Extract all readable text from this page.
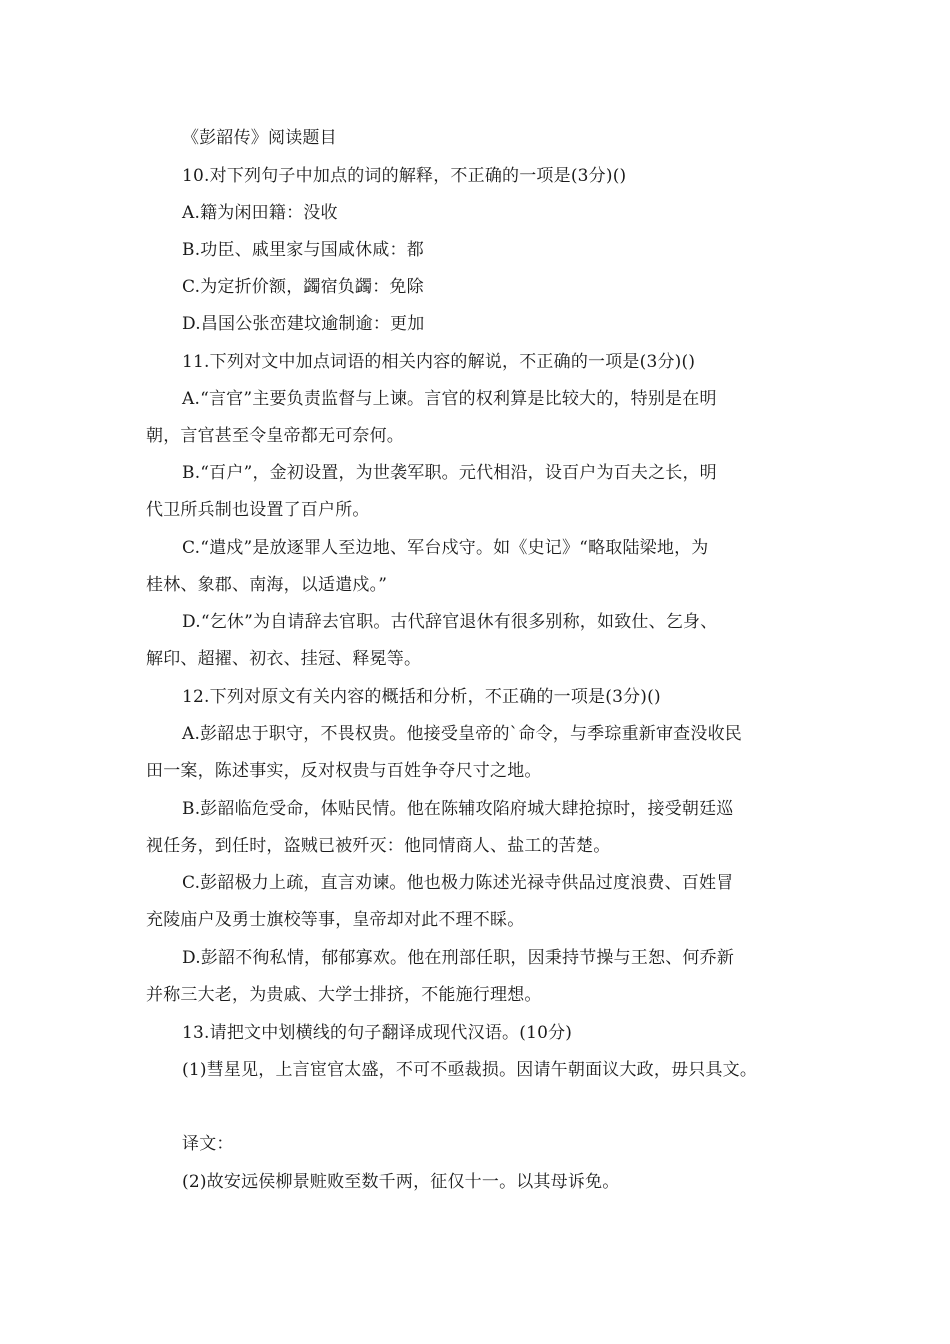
《彭韶传》阅读题目
10.对下列句子中加点的词的解释，不正确的一项是(3分)()
A.籍为闲田籍：没收
B.功臣、戚里家与国咸休咸：都
C.为定折价额，蠲宿负蠲：免除
D.昌国公张峦建坟逾制逾：更加
11.下列对文中加点词语的相关内容的解说，不正确的一项是(3分)()
A.“言官”主要负责监督与上谏。言官的权利算是比较大的，特别是在明
朝，言官甚至令皇帝都无可奈何。
B.“百户”，金初设置，为世袭军职。元代相沿，设百户为百夫之长，明
代卫所兵制也设置了百户所。
C.“遣戍”是放逐罪人至边地、军台戍守。如《史记》“略取陆梁地，为
桂林、象郡、南海，以适遣戍。”
D.“乞休”为自请辞去官职。古代辞官退休有很多别称，如致仕、乞身、
解印、超擢、初衣、挂冠、释冕等。
12.下列对原文有关内容的概括和分析，不正确的一项是(3分)()
A.彭韶忠于职守，不畏权贵。他接受皇帝的`命令，与季琮重新审查没收民
田一案，陈述事实，反对权贵与百姓争夺尺寸之地。
B.彭韶临危受命，体贴民情。他在陈辅攻陷府城大肆抢掠时，接受朝廷巡
视任务，到任时，盗贼已被歼灭：他同情商人、盐工的苦楚。
C.彭韶极力上疏，直言劝谏。他也极力陈述光禄寺供品过度浪费、百姓冒
充陵庙户及勇士旗校等事，皇帝却对此不理不睬。
D.彭韶不徇私情，郁郁寡欢。他在刑部任职，因秉持节操与王恕、何乔新
并称三大老，为贵戚、大学士排挤，不能施行理想。
13.请把文中划横线的句子翻译成现代汉语。(10分)
(1)彗星见，上言宦官太盛，不可不亟裁损。因请午朝面议大政，毋只具文。
译文：
(2)故安远侯柳景赃败至数千两，征仅十一。以其母诉免。
